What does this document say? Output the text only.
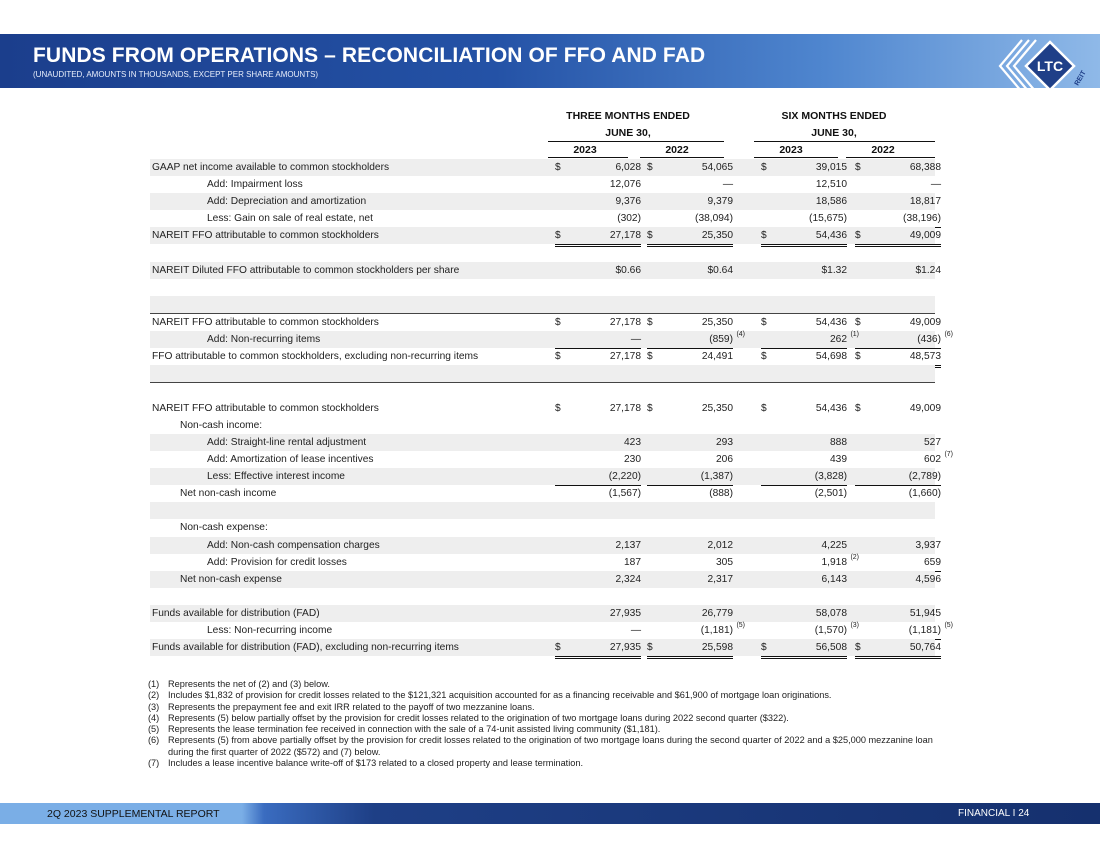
FUNDS FROM OPERATIONS – RECONCILIATION OF FFO AND FAD
(UNAUDITED, AMOUNTS IN THOUSANDS, EXCEPT PER SHARE AMOUNTS)
LTC
REIT
THREE MONTHS ENDED
JUNE 30,
SIX MONTHS ENDED
JUNE 30,
2023	2022	2023	2022
GAAP net income available to common stockholders	$	6,028 $	54,065	$	39,015 $	68,388
Add: Impairment loss	12,076	—	12,510	—
Add: Depreciation and amortization	9,376	9,379	18,586	18,817
Less: Gain on sale of real estate, net	(302)	(38,094)	(15,675)	(38,196)
NAREIT FFO attributable to common stockholders	$	27,178 $	25,350	$	54,436 $	49,009
NAREIT Diluted FFO attributable to common stockholders per share	$0.66	$0.64	$1.32	$1.24
NAREIT FFO attributable to common stockholders	$	27,178 $	25,350	$	54,436 $	49,009
Add: Non-recurring items	—	(859) (4)	262 (1)	(436) (6)
FFO attributable to common stockholders, excluding non-recurring items	$	27,178 $	24,491	$	54,698 $	48,573
NAREIT FFO attributable to common stockholders	$	27,178 $	25,350	$	54,436 $	49,009
Non-cash income:
Add: Straight-line rental adjustment	423	293	888	527
Add: Amortization of lease incentives	230	206	439	602 (7)
Less: Effective interest income	(2,220)	(1,387)	(3,828)	(2,789)
Net non-cash income	(1,567)	(888)	(2,501)	(1,660)
Non-cash expense:
Add: Non-cash compensation charges	2,137	2,012	4,225	3,937
Add: Provision for credit losses	187	305	1,918 (2)	659
Net non-cash expense	2,324	2,317	6,143	4,596
Funds available for distribution (FAD)	27,935	26,779	58,078	51,945
Less: Non-recurring income	—	(1,181) (5)	(1,570) (3)	(1,181) (5)
Funds available for distribution (FAD), excluding non-recurring items	$	27,935 $	25,598	$	56,508 $	50,764
(1) Represents the net of (2) and (3) below.
(2) Includes $1,832 of provision for credit losses related to the $121,321 acquisition accounted for as a financing receivable and $61,900 of mortgage loan originations.
(3) Represents the prepayment fee and exit IRR related to the payoff of two mezzanine loans.
(4) Represents (5) below partially offset by the provision for credit losses related to the origination of two mortgage loans during 2022 second quarter ($322).
(5) Represents the lease termination fee received in connection with the sale of a 74-unit assisted living community ($1,181).
(6) Represents (5) from above partially offset by the provision for credit losses related to the origination of two mortgage loans during the second quarter of 2022 and a $25,000 mezzanine loan during the first quarter of 2022 ($572) and (7) below.
(7) Includes a lease incentive balance write-off of $173 related to a closed property and lease termination.
2Q 2023 SUPPLEMENTAL REPORT	FINANCIAL I 24
